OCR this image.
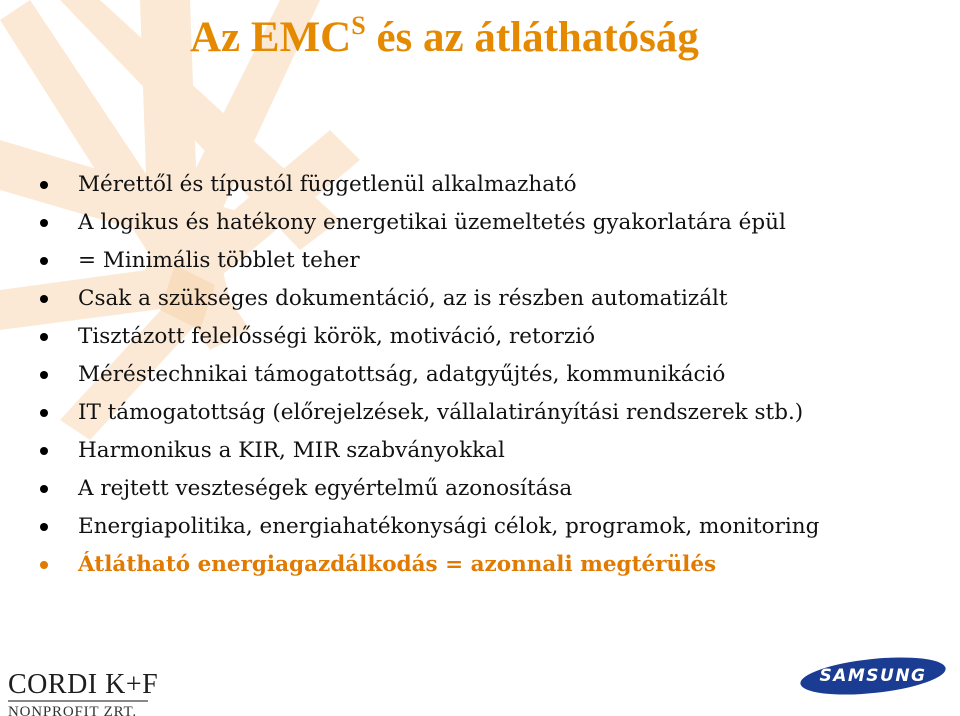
Az $EMC^S$ és az átláthatóság
Mérettől és típustól függetlenül alkalmazható
A logikus és hatékony energetikai üzemeltetés gyakorlatára épül
= Minimális többlet teher
Csak a szükséges dokumentáció, az is részben automatizált
Tisztázott felelősségi körök, motiváció, retorzió
Méréstechnikai támogatottság, adatgyűjtés, kommunikáció
IT támogatottság (előrejelzések, vállalatirányítási rendszerek stb.)
Harmonikus a KIR, MIR szabványokkal
A rejtett veszteségek egyértelmű azonosítása
Energiapolitika, energiahatékonysági célok, programok, monitoring
Átlátható energiagazdálkodás = azonnali megtérülés
CORDI K+F
NONPROFIT ZRT.
SAMSUNG
